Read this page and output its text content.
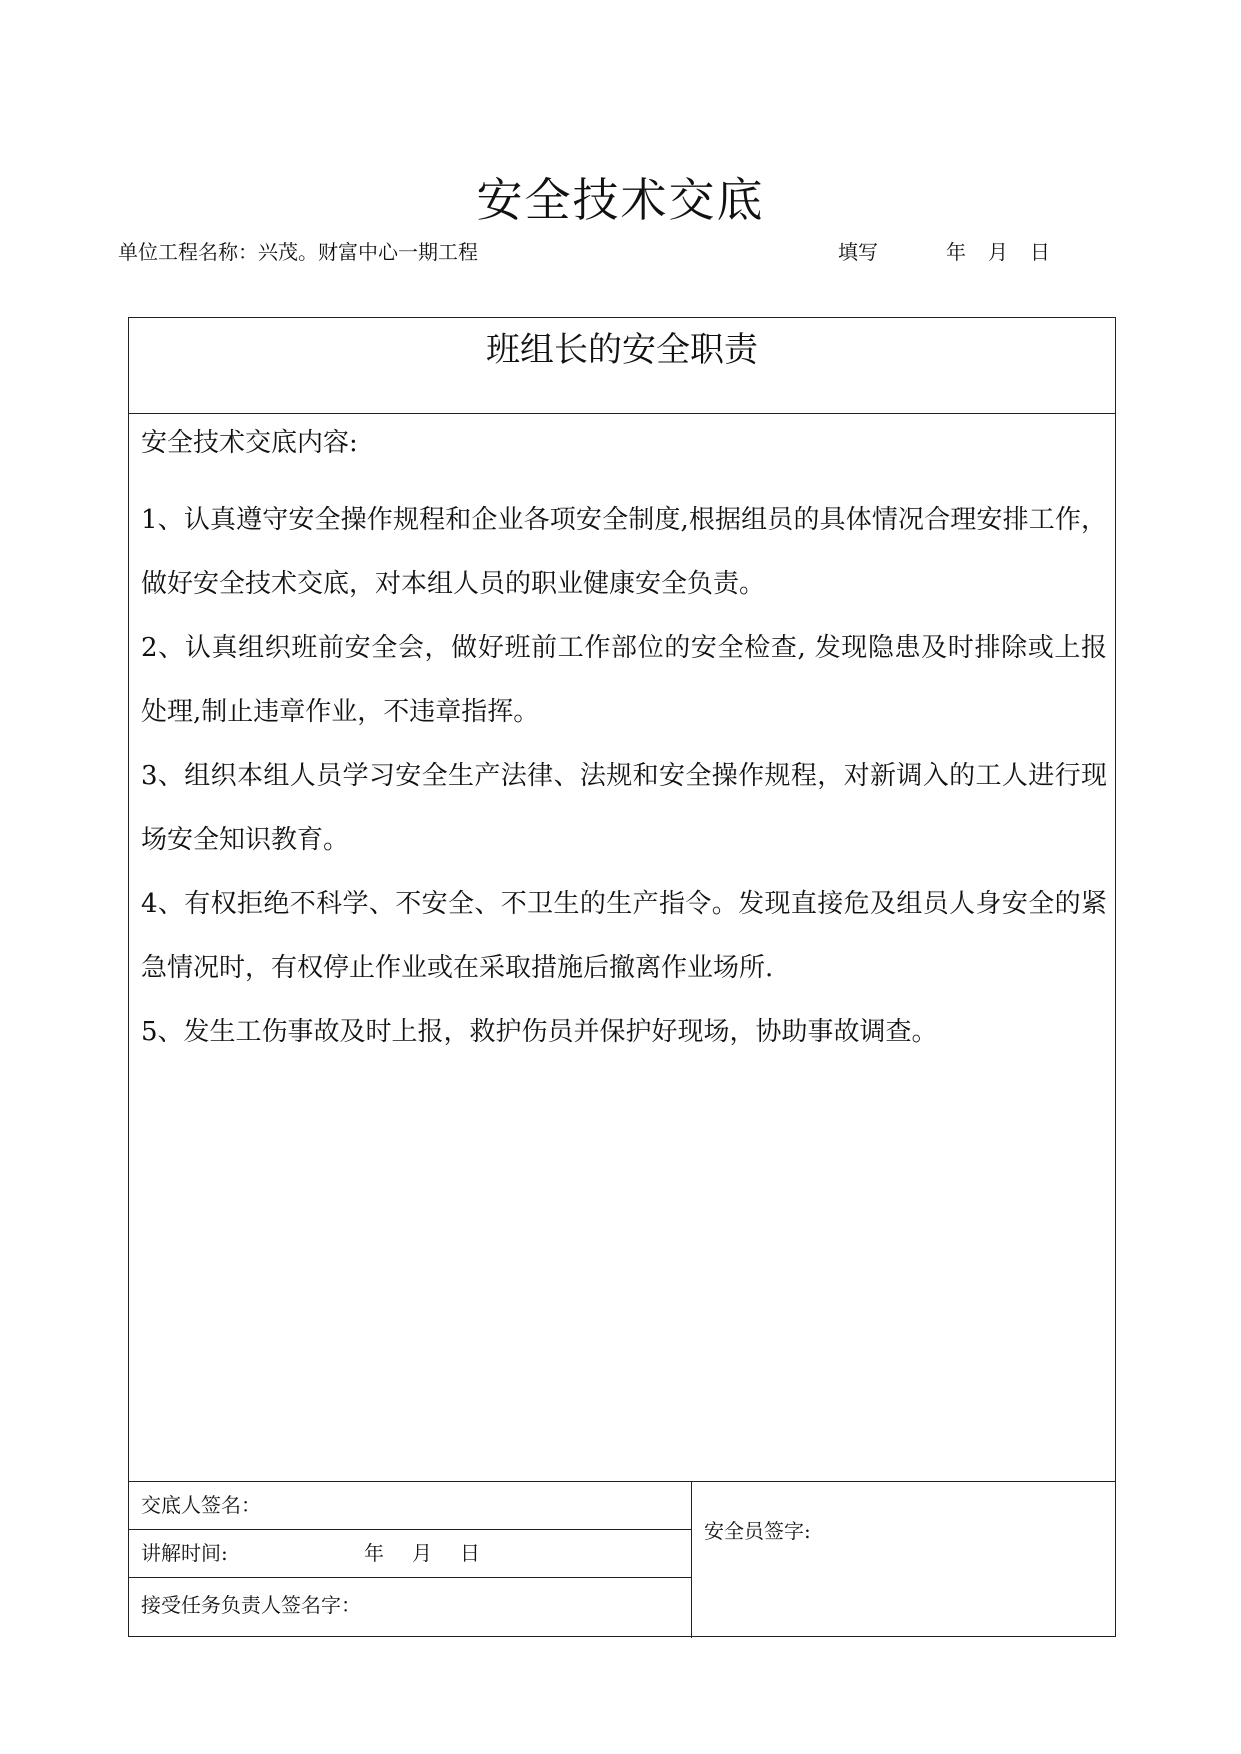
安全技术交底
单位工程名称：兴茂。财富中心一期工程	填写	年 月 日
班组长的安全职责

安全技术交底内容:

1、认真遵守安全操作规程和企业各项安全制度,根据组员的具体情况合理安排工作，做好安全技术交底，对本组人员的职业健康安全负责。

2、认真组织班前安全会，做好班前工作部位的安全检查, 发现隐患及时排除或上报处理,制止违章作业，不违章指挥。

3、组织本组人员学习安全生产法律、法规和安全操作规程，对新调入的工人进行现场安全知识教育。

4、有权拒绝不科学、不安全、不卫生的生产指令。发现直接危及组员人身安全的紧急情况时，有权停止作业或在采取措施后撤离作业场所.

5、发生工伤事故及时上报，救护伤员并保护好现场，协助事故调查。

交底人签名：
讲解时间:	年 月 日
接受任务负责人签名字：
安全员签字:
